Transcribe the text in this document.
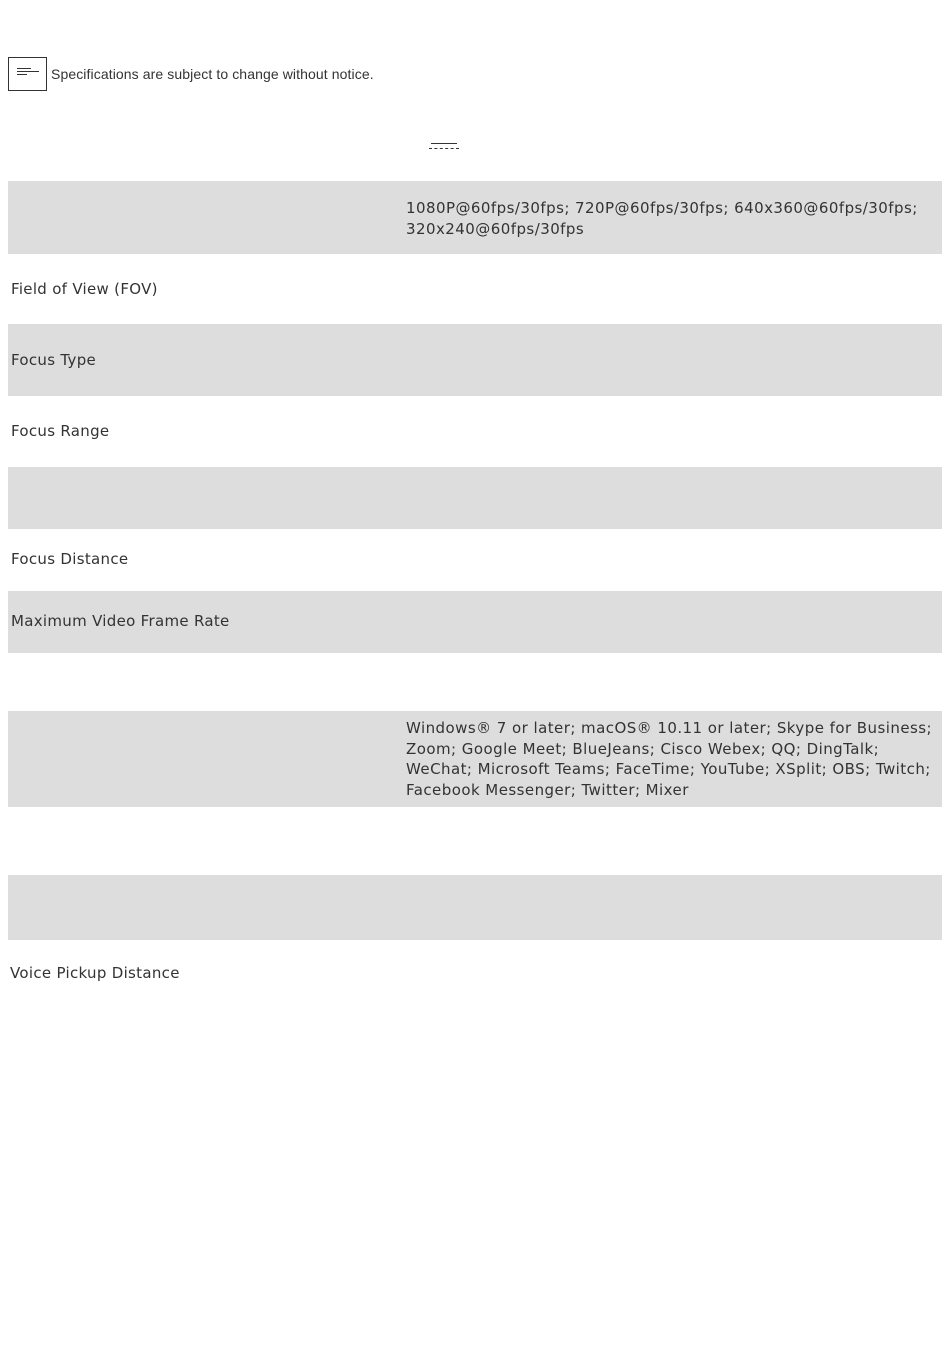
Specifications are subject to change without notice.
1080P@60fps/30fps; 720P@60fps/30fps; 640x360@60fps/30fps; 320x240@60fps/30fps
Field of View (FOV)
Focus Type
Focus Range
Focus Distance
Maximum Video Frame Rate
Windows® 7 or later; macOS® 10.11 or later; Skype for Business; Zoom; Google Meet; BlueJeans; Cisco Webex; QQ; DingTalk; WeChat; Microsoft Teams; FaceTime; YouTube; XSplit; OBS; Twitch; Facebook Messenger; Twitter; Mixer
Voice Pickup Distance
